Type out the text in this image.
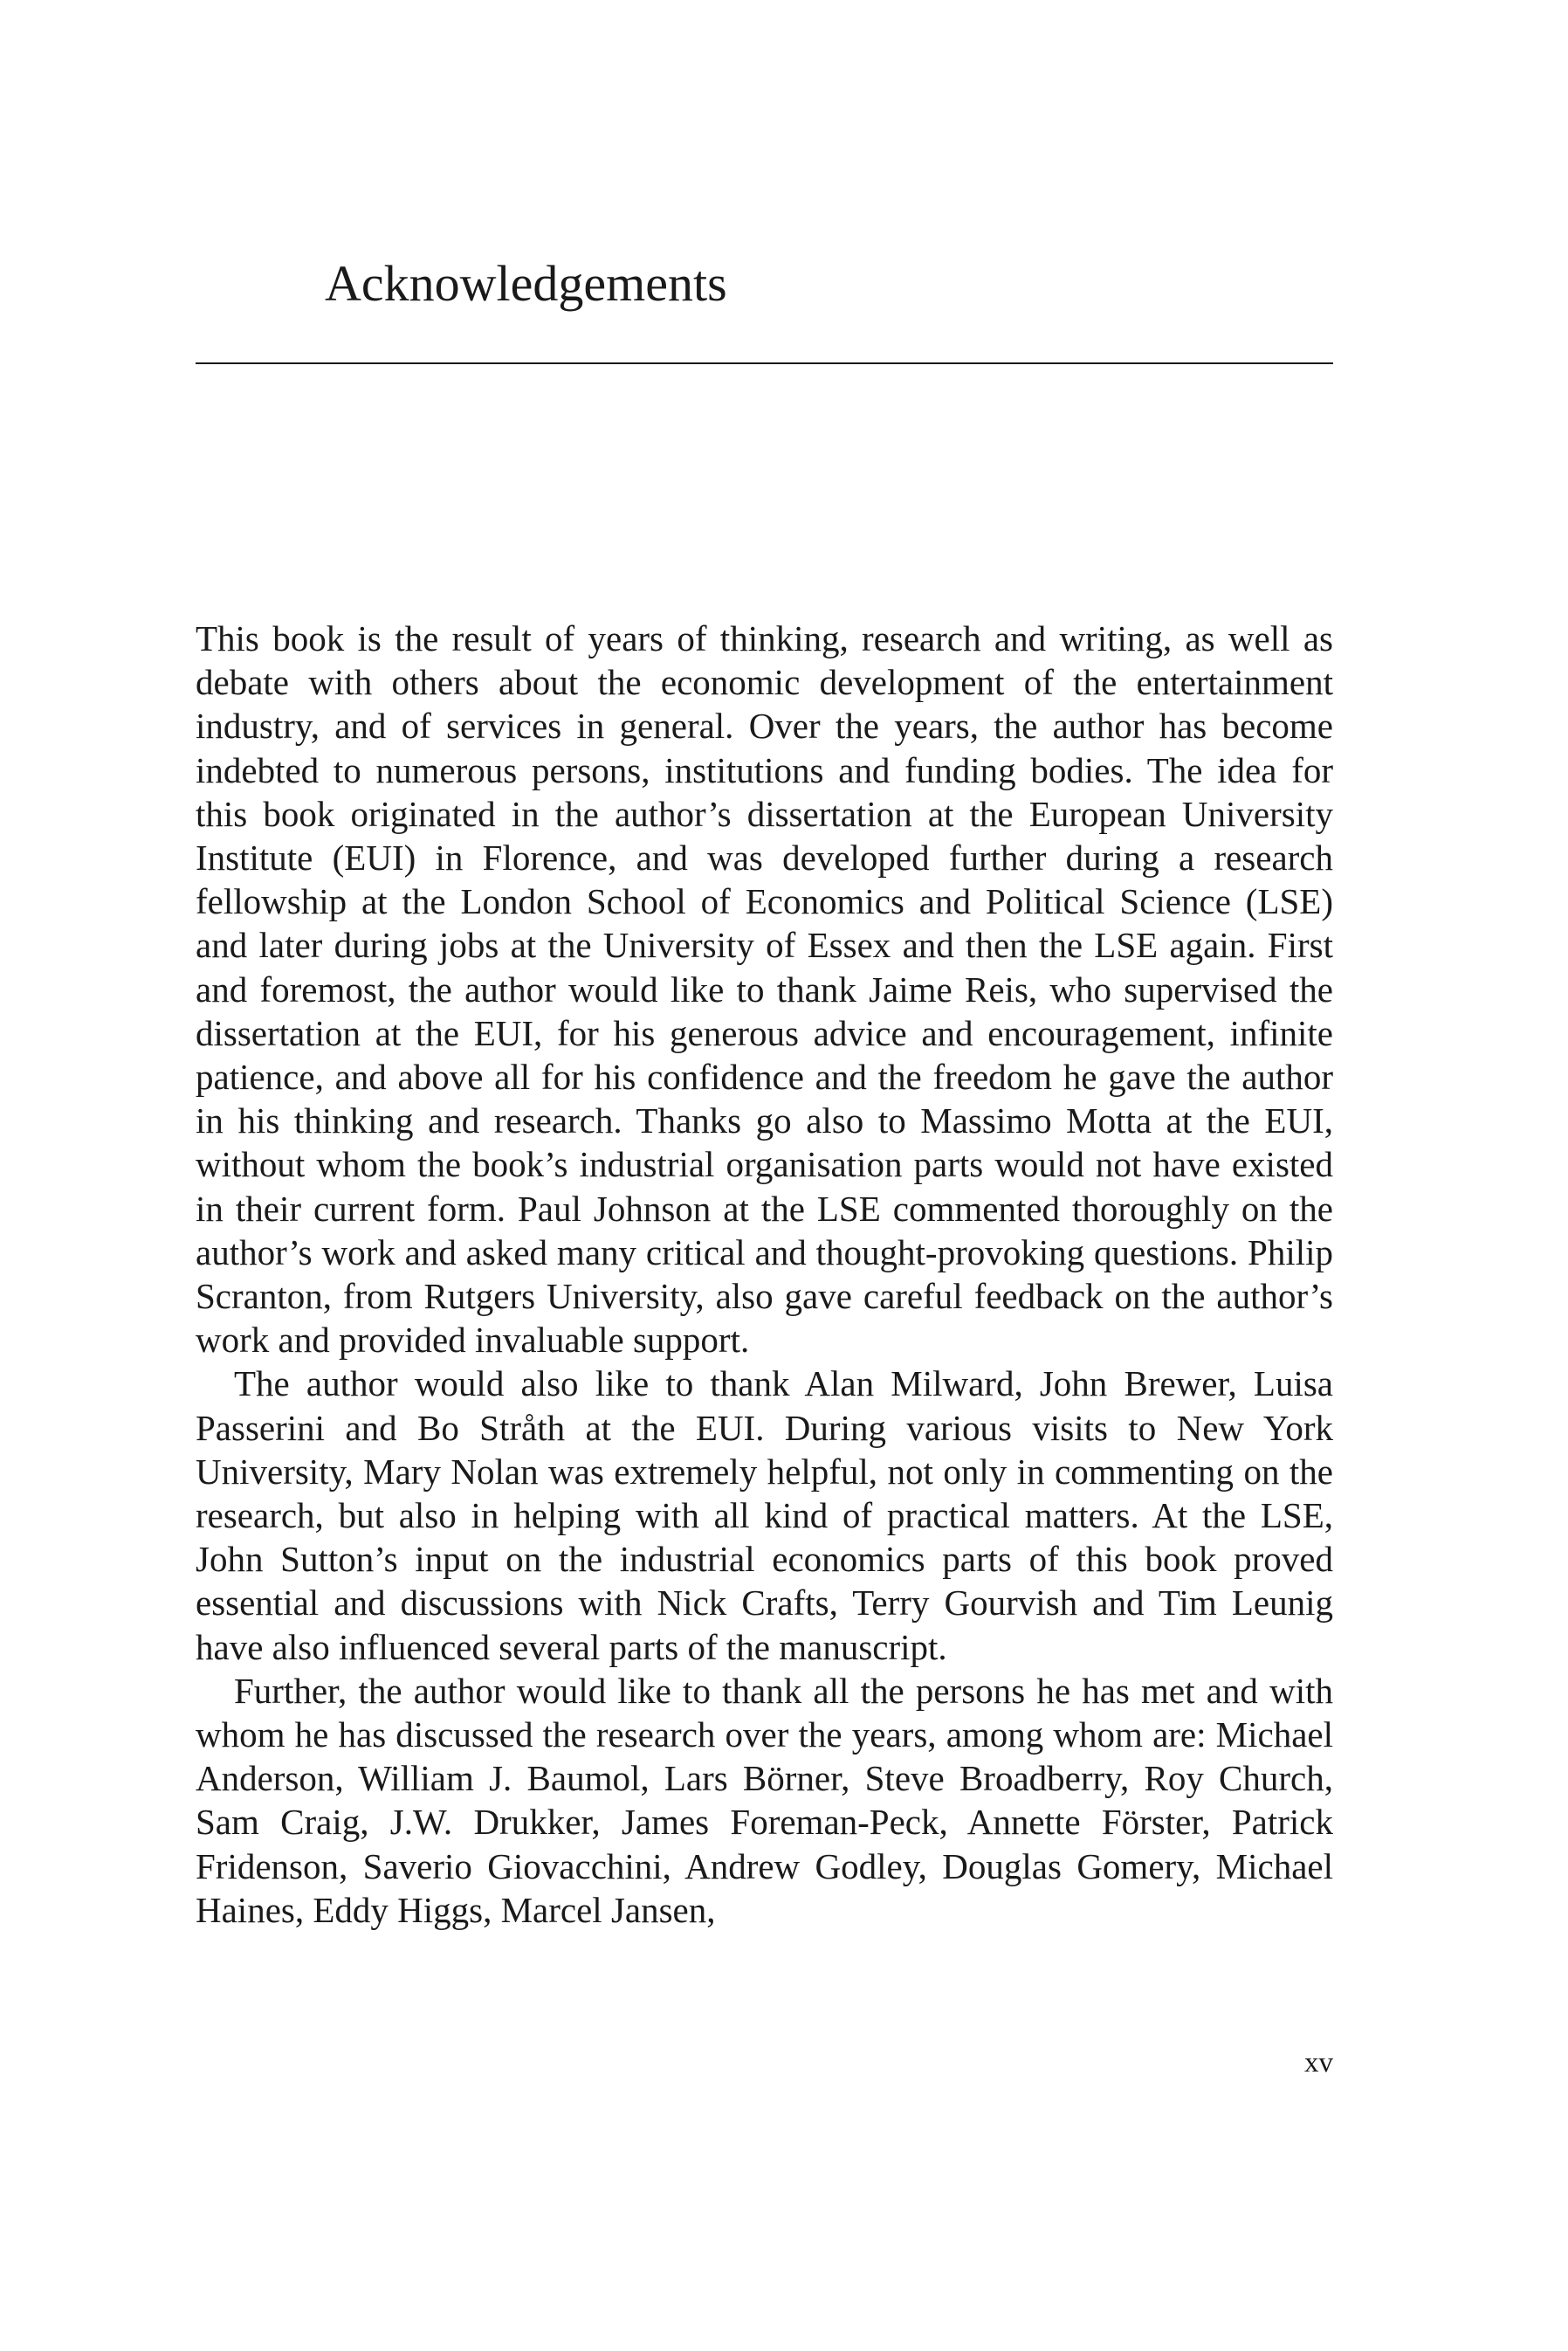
Acknowledgements

This book is the result of years of thinking, research and writing, as well as debate with others about the economic development of the entertainment industry, and of services in general. Over the years, the author has become indebted to numerous persons, institutions and funding bodies. The idea for this book originated in the author’s dissertation at the European University Institute (EUI) in Florence, and was developed further during a research fellowship at the London School of Economics and Political Science (LSE) and later during jobs at the University of Essex and then the LSE again. First and foremost, the author would like to thank Jaime Reis, who supervised the dissertation at the EUI, for his generous advice and encouragement, infinite patience, and above all for his confidence and the freedom he gave the author in his thinking and research. Thanks go also to Massimo Motta at the EUI, without whom the book’s industrial organisation parts would not have existed in their current form. Paul Johnson at the LSE commented thoroughly on the author’s work and asked many critical and thought-provoking questions. Philip Scranton, from Rutgers University, also gave careful feedback on the author’s work and provided invaluable support.

The author would also like to thank Alan Milward, John Brewer, Luisa Passerini and Bo Stråth at the EUI. During various visits to New York University, Mary Nolan was extremely helpful, not only in commenting on the research, but also in helping with all kind of practical matters. At the LSE, John Sutton’s input on the industrial economics parts of this book proved essential and discussions with Nick Crafts, Terry Gourvish and Tim Leunig have also influenced several parts of the manuscript.

Further, the author would like to thank all the persons he has met and with whom he has discussed the research over the years, among whom are: Michael Anderson, William J. Baumol, Lars Börner, Steve Broadberry, Roy Church, Sam Craig, J.W. Drukker, James Foreman-Peck, Annette Förster, Patrick Fridenson, Saverio Giovacchini, Andrew Godley, Douglas Gomery, Michael Haines, Eddy Higgs, Marcel Jansen,

xv
